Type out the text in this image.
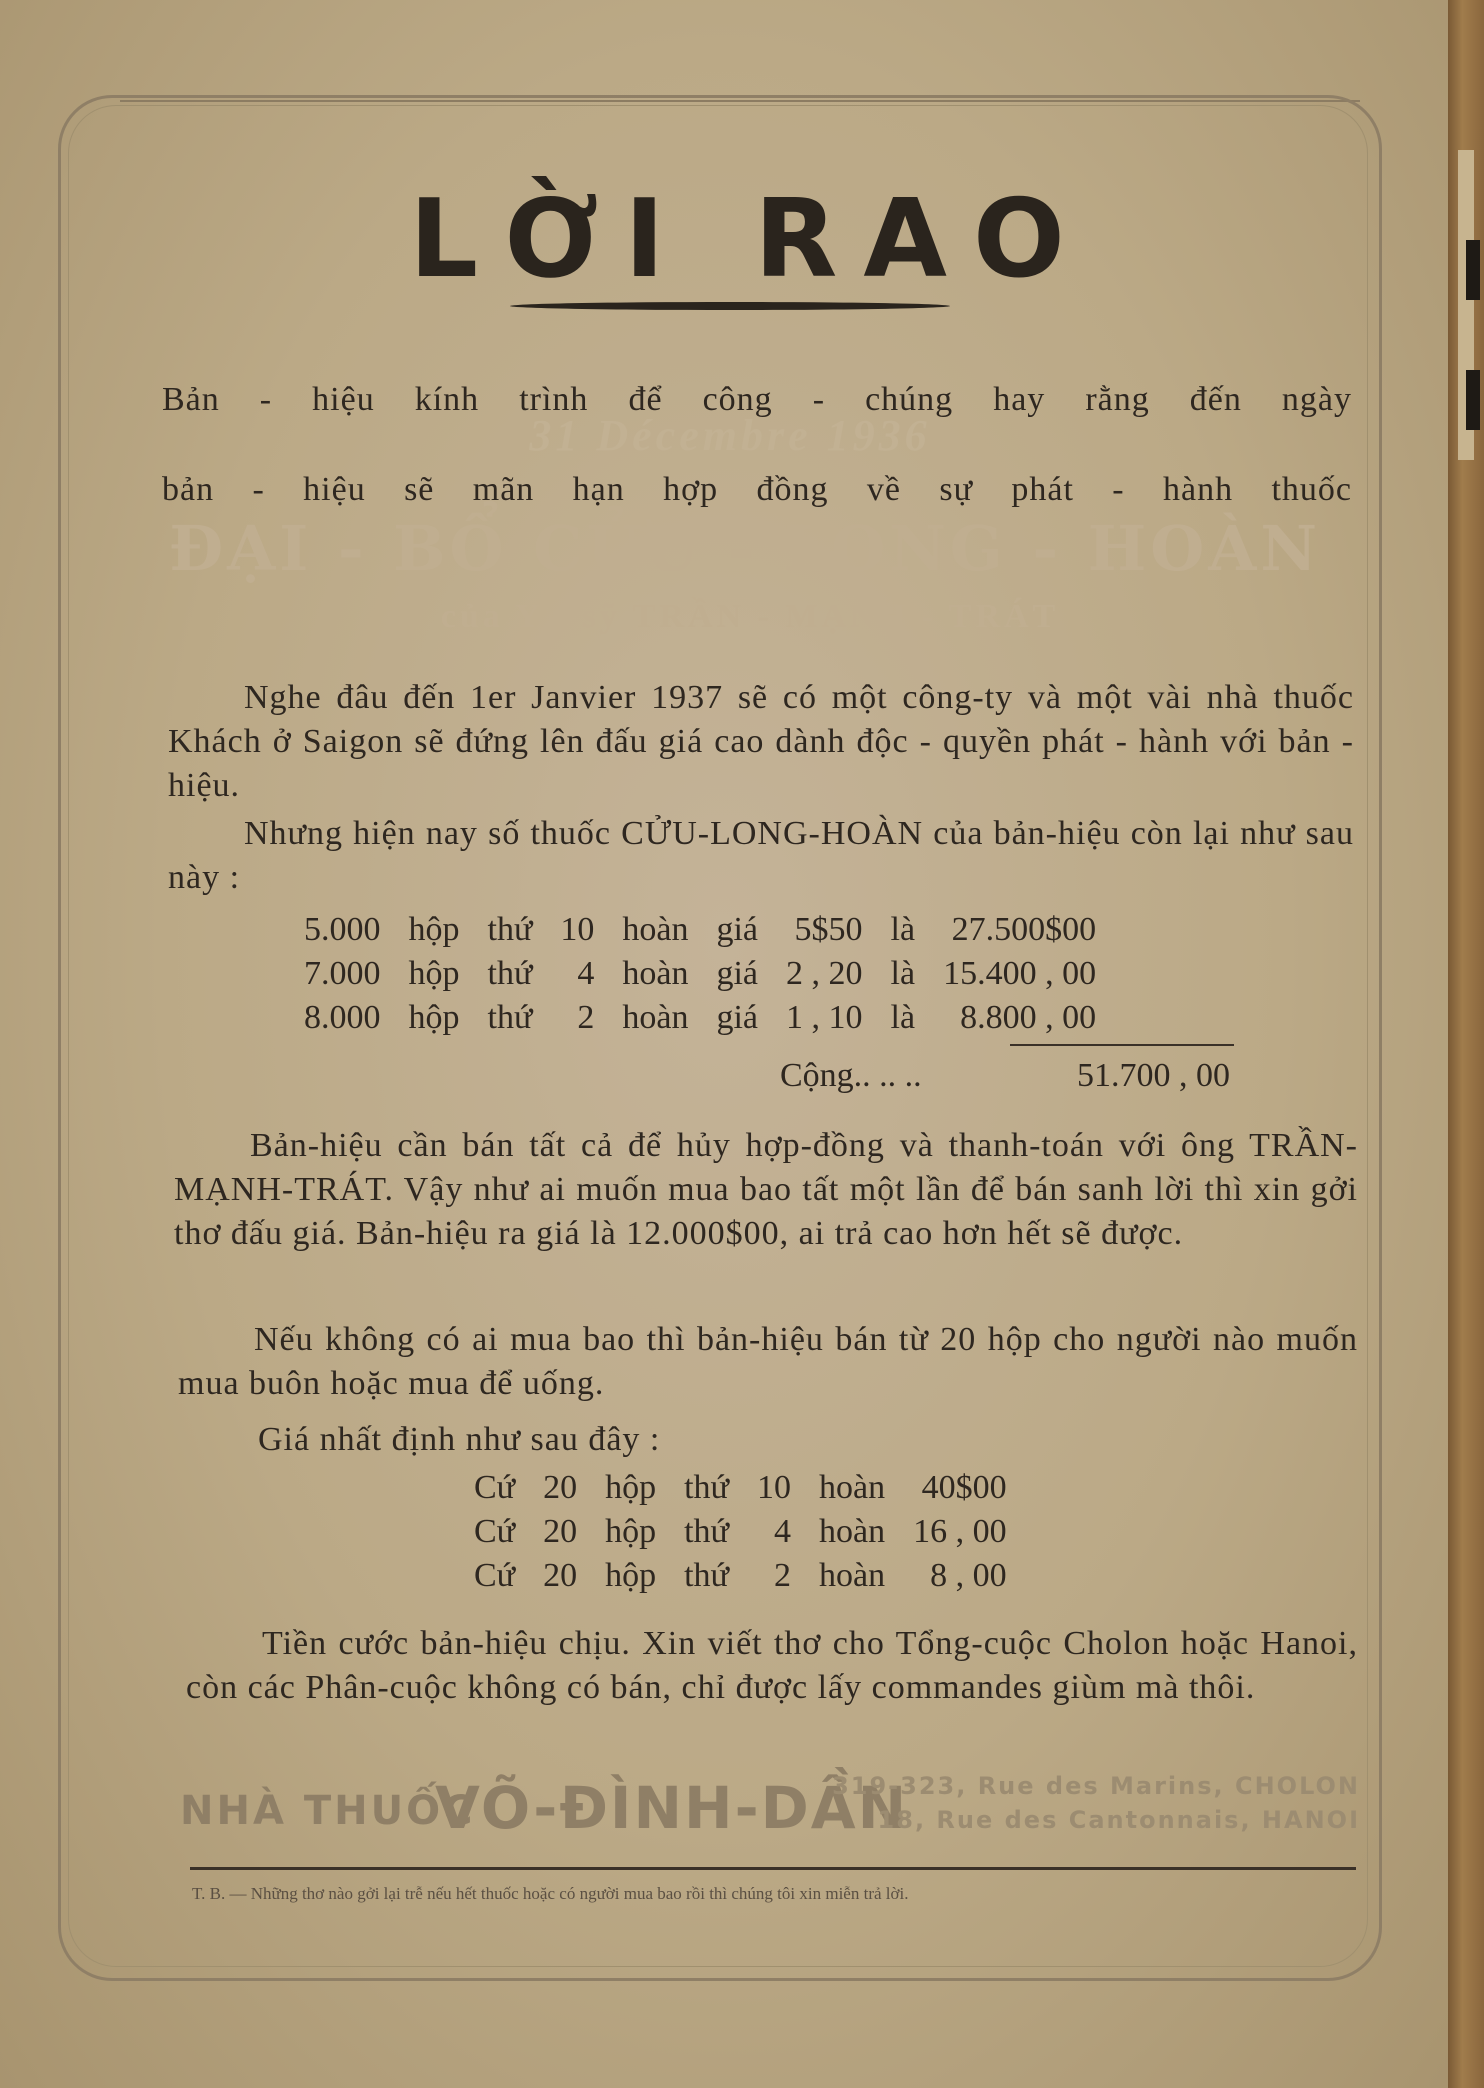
LỜI RAO

Bản - hiệu kính trình để công - chúng hay rằng đến ngày

31 Décembre 1936

bản - hiệu sẽ mãn hạn hợp đồng về sự phát - hành thuốc

ĐẠI - BỔ CỬU - LONG - HOÀN
của Y - sỹ TRẦN - MẠNH - TRÁT

Nghe đâu đến 1er Janvier 1937 sẽ có một công-ty và một vài nhà thuốc Khách ở Saigon sẽ đứng lên đấu giá cao dành độc - quyền phát - hành với bản - hiệu.

Nhưng hiện nay số thuốc CỬU-LONG-HOÀN của bản-hiệu còn lại như sau này :

5.000	hộp	thứ	10	hoàn	giá	5$50	là	27.500$00
7.000	hộp	thứ	4	hoàn	giá	2 , 20	là	15.400 , 00
8.000	hộp	thứ	2	hoàn	giá	1 , 10	là	8.800 , 00
Cộng.. .. ..	51.700 , 00

Bản-hiệu cần bán tất cả để hủy hợp-đồng và thanh-toán với ông TRẦN-MẠNH-TRÁT. Vậy như ai muốn mua bao tất một lần để bán sanh lời thì xin gởi thơ đấu giá. Bản-hiệu ra giá là 12.000$00, ai trả cao hơn hết sẽ được.

Nếu không có ai mua bao thì bản-hiệu bán từ 20 hộp cho người nào muốn mua buôn hoặc mua để uống.

Giá nhất định như sau đây :

Cứ	20	hộp	thứ	10	hoàn	40$00
Cứ	20	hộp	thứ	4	hoàn	16 , 00
Cứ	20	hộp	thứ	2	hoàn	8 , 00

Tiền cước bản-hiệu chịu. Xin viết thơ cho Tổng-cuộc Cholon hoặc Hanoi, còn các Phân-cuộc không có bán, chỉ được lấy commandes giùm mà thôi.

NHÀ THUỐC
VÕ-ĐÌNH-DẦN
319-323, Rue des Marins, CHOLON
18, Rue des Cantonnais, HANOI
T. B. — Những thơ nào gởi lại trễ nếu hết thuốc hoặc có người mua bao rồi thì chúng tôi xin miễn trả lời.
